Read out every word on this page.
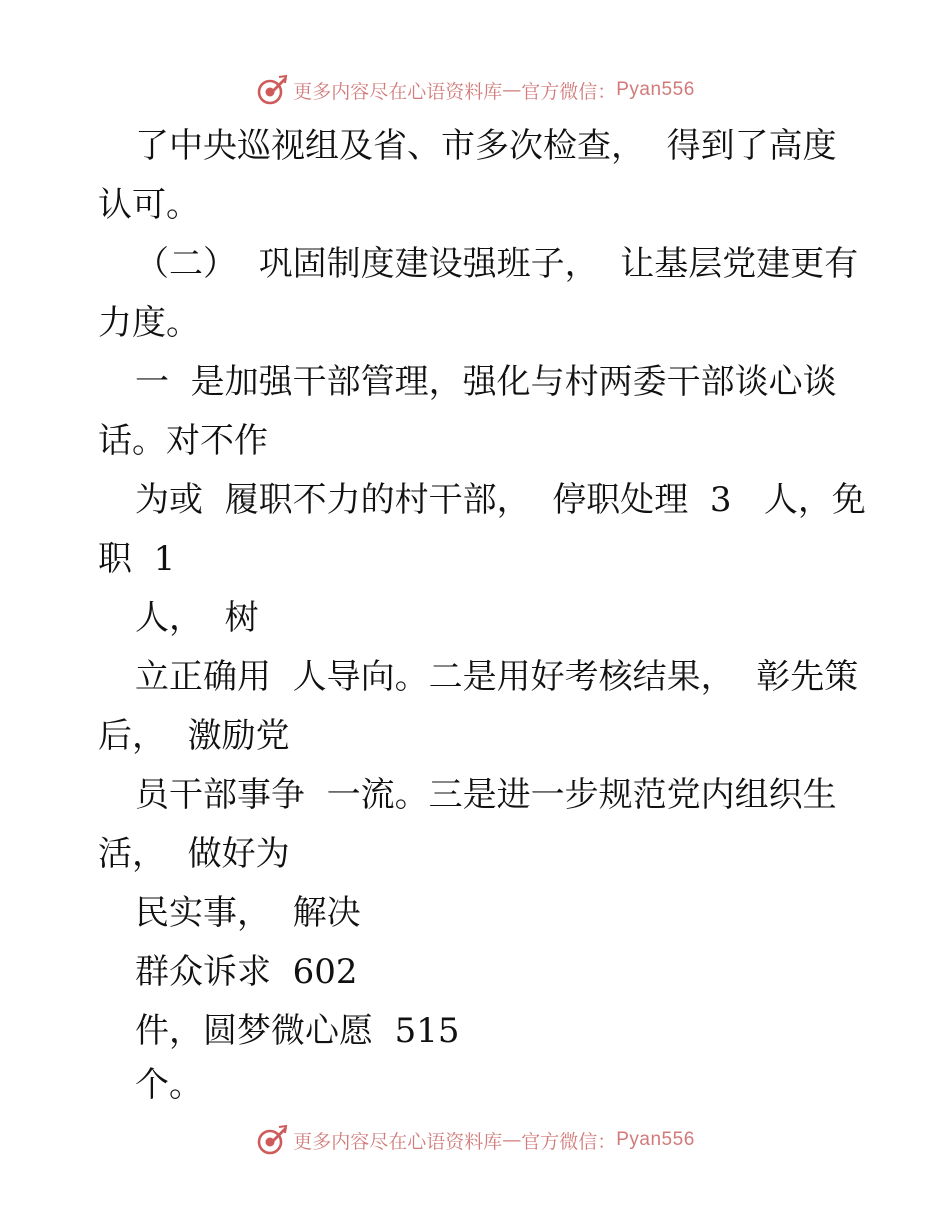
更多内容尽在心语资料库 — 官方微信： Pyan556
了中央巡视组及省、市多次检查，  得到了高度
认可。
（二）  巩固制度建设强班子，  让基层党建更有
力度。
一  是加强干部管理，强化与村两委干部谈心谈
话。对不作
为或  履职不力的村干部，  停职处理  3   人，免
职  1
人，  树
立正确用  人导向。二是用好考核结果，  彰先策
后，  激励党
员干部事争  一流。三是进一步规范党内组织生
活，  做好为
民实事，  解决
群众诉求  602
件，圆梦微心愿  515
个。
更多内容尽在心语资料库 — 官方微信： Pyan556
